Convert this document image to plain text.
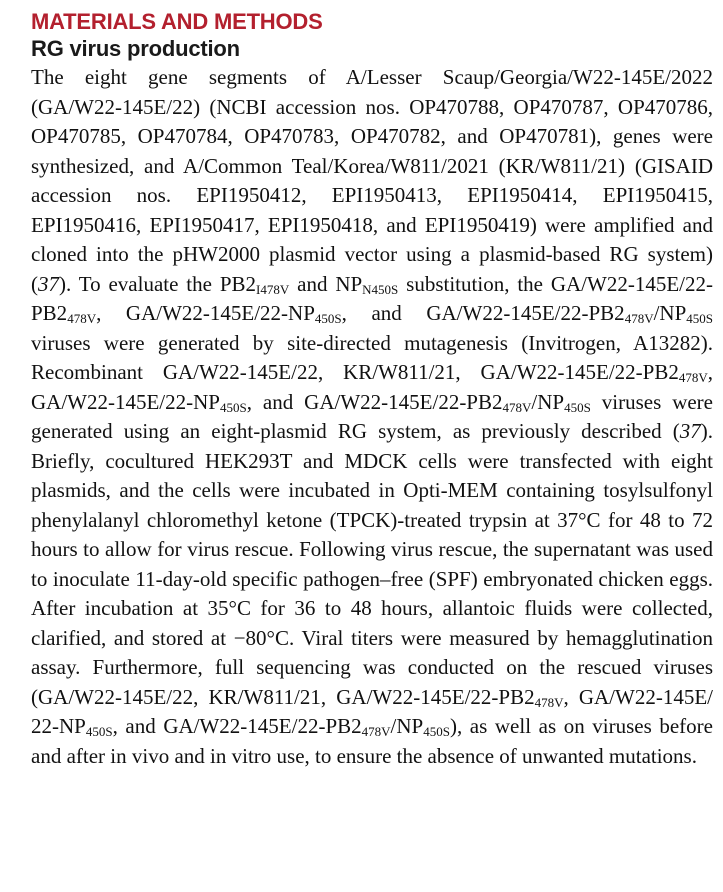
MATERIALS AND METHODS
RG virus production

The eight gene segments of A/Lesser Scaup/Georgia/W22-145E/2022 (GA/W22-145E/22) (NCBI accession nos. OP470788, OP470787, OP470786, OP470785, OP470784, OP470783, OP470782, and OP470781), genes were synthesized, and A/Common Teal/Korea/W811/2021 (KR/W811/21) (GISAID accession nos. EPI1950412, EPI1950413, EPI1950414, EPI1950415, EPI1950416, EPI1950417, EPI1950418, and EPI1950419) were amplified and cloned into the pHW2000 plasmid vector using a plasmid-based RG system) (37). To evaluate the $PB2_{I478V}$ and $NP_{N450S}$ substitution, the $GA/W22-145E/22-PB2_{478V}$, $GA/W22-145E/22-NP_{450S}$, and $GA/W22-145E/22-PB2_{478V}/​NP_{450S}$ viruses were generated by site-directed mutagenesis (Invitrogen, A13282). Recombinant GA/W22-145E/22, KR/W811/21, $GA/​W22-145E/22-PB2_{478V}$, $GA/W22-145E/22-NP_{450S}$, and $GA/W22-​145E/22-PB2_{478V}/NP_{450S}$ viruses were generated using an eight-plasmid RG system, as previously described (37). Briefly, cocultured HEK293T and MDCK cells were transfected with eight plasmids, and the cells were incubated in Opti-MEM containing tosylsulfonyl phenylalanyl chloromethyl ketone (TPCK)-treated trypsin at 37°C for 48 to 72 hours to allow for virus rescue. Following virus rescue, the supernatant was used to inoculate 11-day-old specific pathogen–free (SPF) embryonated chicken eggs. After incubation at 35°C for 36 to 48 hours, allantoic fluids were collected, clarified, and stored at −80°C. Viral titers were measured by hemagglutination assay. Furthermore, full sequencing was conducted on the rescued viruses (GA/W22-​145E/22, KR/W811/21, $GA/W22-145E/22-PB2_{478V}$, $GA/W22-145E/​22-NP_{450S}$, and $GA/W22-145E/22-PB2_{478V}/NP_{450S}$), as well as on viruses before and after in vivo and in vitro use, to ensure the absence of unwanted mutations.
